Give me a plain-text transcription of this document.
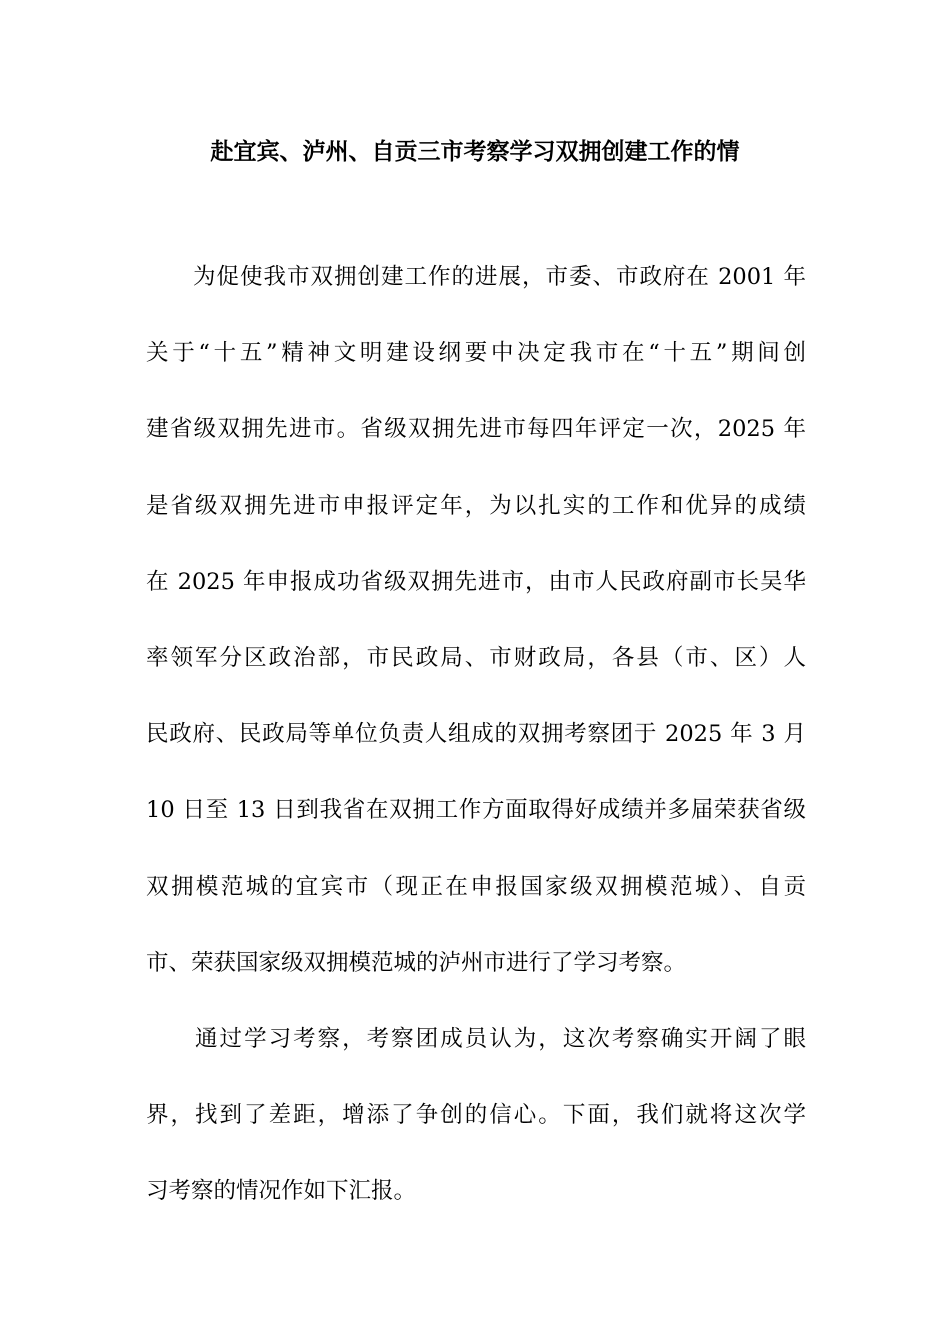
赴宜宾、泸州、自贡三市考察学习双拥创建工作的情

　　为促使我市双拥创建工作的进展，市委、市政府在 2001 年

关于“十五”精神文明建设纲要中决定我市在“十五”期间创

建省级双拥先进市。省级双拥先进市每四年评定一次，2025 年

是省级双拥先进市申报评定年，为以扎实的工作和优异的成绩

在 2025 年申报成功省级双拥先进市，由市人民政府副市长吴华

率领军分区政治部，市民政局、市财政局，各县（市、区）人

民政府、民政局等单位负责人组成的双拥考察团于 2025 年 3 月

10 日至 13 日到我省在双拥工作方面取得好成绩并多届荣获省级

双拥模范城的宜宾市（现正在申报国家级双拥模范城）、自贡

市、荣获国家级双拥模范城的泸州市进行了学习考察。

　　通过学习考察，考察团成员认为，这次考察确实开阔了眼

界，找到了差距，增添了争创的信心。下面，我们就将这次学

习考察的情况作如下汇报。
